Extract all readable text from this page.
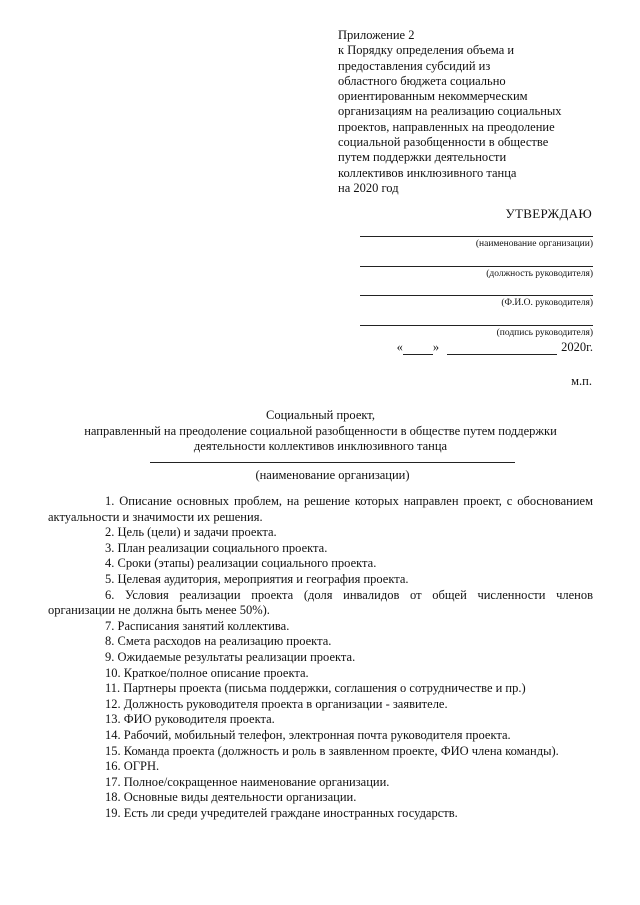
Приложение 2
к Порядку определения объема и
предоставления субсидий из
областного бюджета социально
ориентированным некоммерческим
организациям на реализацию социальных
проектов, направленных на преодоление
социальной разобщенности в обществе
путем поддержки деятельности
коллективов инклюзивного танца
на 2020 год
УТВЕРЖДАЮ
(наименование организации)
(должность руководителя)
(Ф.И.О. руководителя)
(подпись руководителя)
« »	2020г.
м.п.
Социальный проект,
направленный на преодоление социальной разобщенности в обществе путем поддержки
деятельности коллективов инклюзивного танца
(наименование организации)
1. Описание основных проблем, на решение которых направлен проект, с обоснованием актуальности и значимости их решения.
2. Цель (цели) и задачи проекта.
3. План реализации социального проекта.
4. Сроки (этапы) реализации социального проекта.
5. Целевая аудитория, мероприятия и география проекта.
6. Условия реализации проекта (доля инвалидов от общей численности членов организации не должна быть менее 50%).
7. Расписания занятий коллектива.
8. Смета расходов на реализацию проекта.
9. Ожидаемые результаты реализации проекта.
10. Краткое/полное описание проекта.
11. Партнеры проекта (письма поддержки, соглашения о сотрудничестве и пр.)
12. Должность руководителя проекта в организации - заявителе.
13. ФИО руководителя проекта.
14. Рабочий, мобильный телефон, электронная почта руководителя проекта.
15. Команда проекта (должность и роль в заявленном проекте, ФИО члена команды).
16. ОГРН.
17. Полное/сокращенное наименование организации.
18. Основные виды деятельности организации.
19. Есть ли среди учредителей граждане иностранных государств.
